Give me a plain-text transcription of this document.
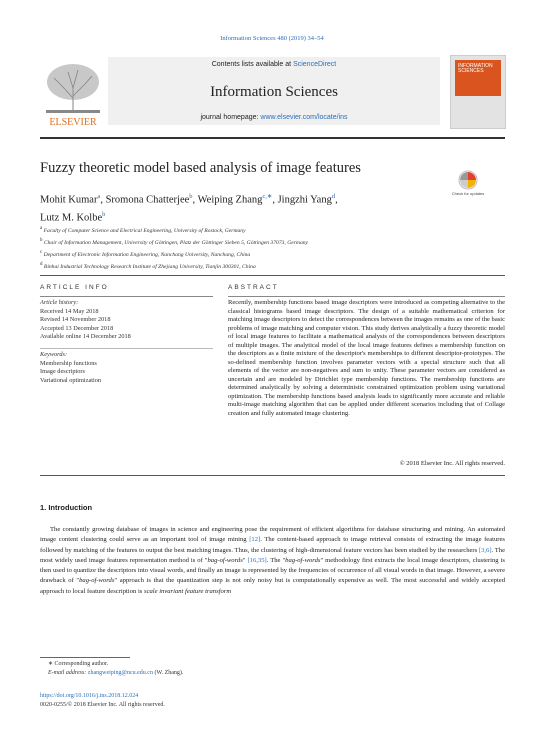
Information Sciences 480 (2019) 34–54
Contents lists available at ScienceDirect
Information Sciences
journal homepage: www.elsevier.com/locate/ins
ELSEVIER
INFORMATION SCIENCES
Fuzzy theoretic model based analysis of image features
Check for updates
Mohit Kumar$^a$, Sromona Chatterjee$^b$, Weiping Zhang$^{c,∗}$, Jingzhi Yang$^d$,
Lutz M. Kolbe$^b$
a Faculty of Computer Science and Electrical Engineering, University of Rostock, Germany
b Chair of Information Management, University of Göttingen, Platz der Göttinger Sieben 5, Göttingen 37073, Germany
c Department of Electronic Information Engineering, Nanchang University, Nanchang, China
d Binhai Industrial Technology Research Institute of Zhejiang University, Tianjin 300301, China
ARTICLE INFO	ABSTRACT
Article history:
Received 14 May 2018
Revised 14 November 2018
Accepted 13 December 2018
Available online 14 December 2018
Keywords:
Membership functions
Image descriptors
Variational optimization
Recently, membership functions based image descriptors were introduced as competing alternative to the classical histograms based image descriptors. The design of a suitable mathematical criterion for matching image descriptors to detect the correspondences between the images remains as one of the basic problems of image matching and computer vision. This study derives analytically a fuzzy theoretic model of local image features to facilitate a mathematical analysis of the correspondences between descriptors of multiple images. The analytical model of the local image features defines a membership function on the descriptors as a finite mixture of the descriptor's memberships to different descriptor-prototypes. The so-defined membership function involves parameter vectors with a special structure such that all elements of the vector are non-negatives and sum to unity. These parameter vectors are considered as uncertain and are modeled by Dirichlet type membership functions. The membership functions are determined analytically by solving a deterministic constrained optimization problem using variational optimization. The membership functions based analysis leads to significantly more accurate and reliable multi-image matching algorithm that can be applied under different scenarios including that of Collage creation and fully automated image clustering.
© 2018 Elsevier Inc. All rights reserved.
1. Introduction
The constantly growing database of images in science and engineering pose the requirement of efficient algorithms for database structuring and mining. An automated image content clustering could serve as an important tool of image mining [12]. The content-based approach to image retrieval consists of extracting the image features followed by matching of the features to output the best matching images. Thus, the clustering of high-dimensional feature vectors has been studied by the researchers [3,6]. The most widely used image features representation method is of "bag-of-words" [16,35]. The "bag-of-words" methodology first extracts the local image descriptors, clustering is then used to quantize the descriptors into visual words, and finally an image is represented by the frequencies of occurrence of all visual words in that image. However, a severe drawback of "bag-of-words" approach is that the quantization step is not only noisy but is computationally expensive as well. The most successful and widely accepted approach to local feature description is scale invariant feature transform
∗ Corresponding author.
E-mail address: zhangweiping@ncu.edu.cn (W. Zhang).
https://doi.org/10.1016/j.ins.2018.12.024
0020-0255/© 2018 Elsevier Inc. All rights reserved.
